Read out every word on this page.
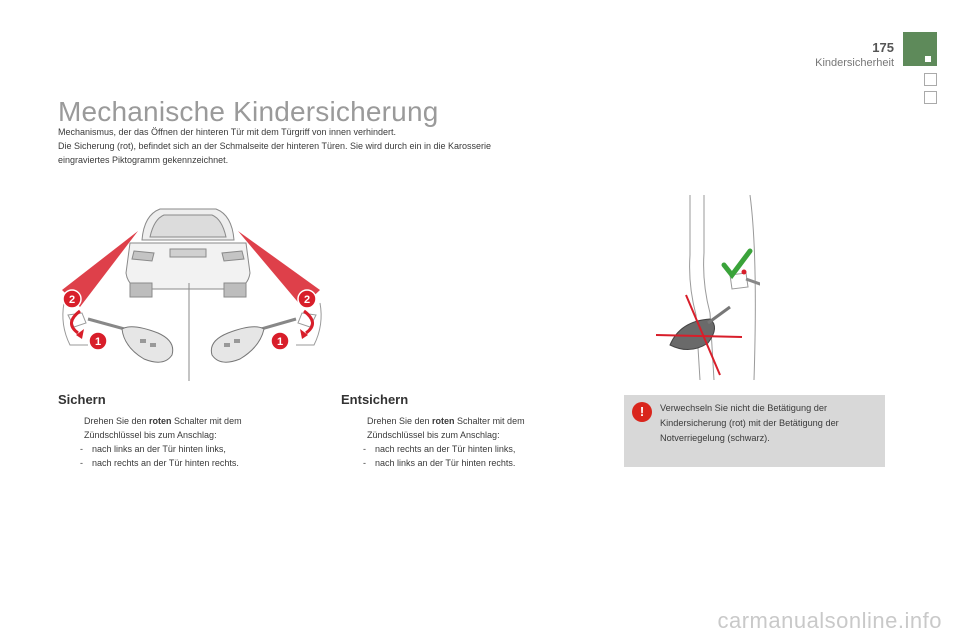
175
Kindersicherheit
Mechanische Kindersicherung
Mechanismus, der das Öffnen der hinteren Tür mit dem Türgriff von innen verhindert.
Die Sicherung (rot), befindet sich an der Schmalseite der hinteren Türen. Sie wird durch ein in die Karosserie
eingraviertes Piktogramm gekennzeichnet.
2
1	1
2
Sichern
Drehen Sie den roten Schalter mit dem
Zündschlüssel bis zum Anschlag:
- nach links an der Tür hinten links,
- nach rechts an der Tür hinten rechts.
Entsichern
Drehen Sie den roten Schalter mit dem
Zündschlüssel bis zum Anschlag:
- nach rechts an der Tür hinten links,
- nach links an der Tür hinten rechts.
!	Verwechseln Sie nicht die Betätigung der
Kindersicherung (rot) mit der Betätigung der
Notverriegelung (schwarz).
carmanualsonline.info
